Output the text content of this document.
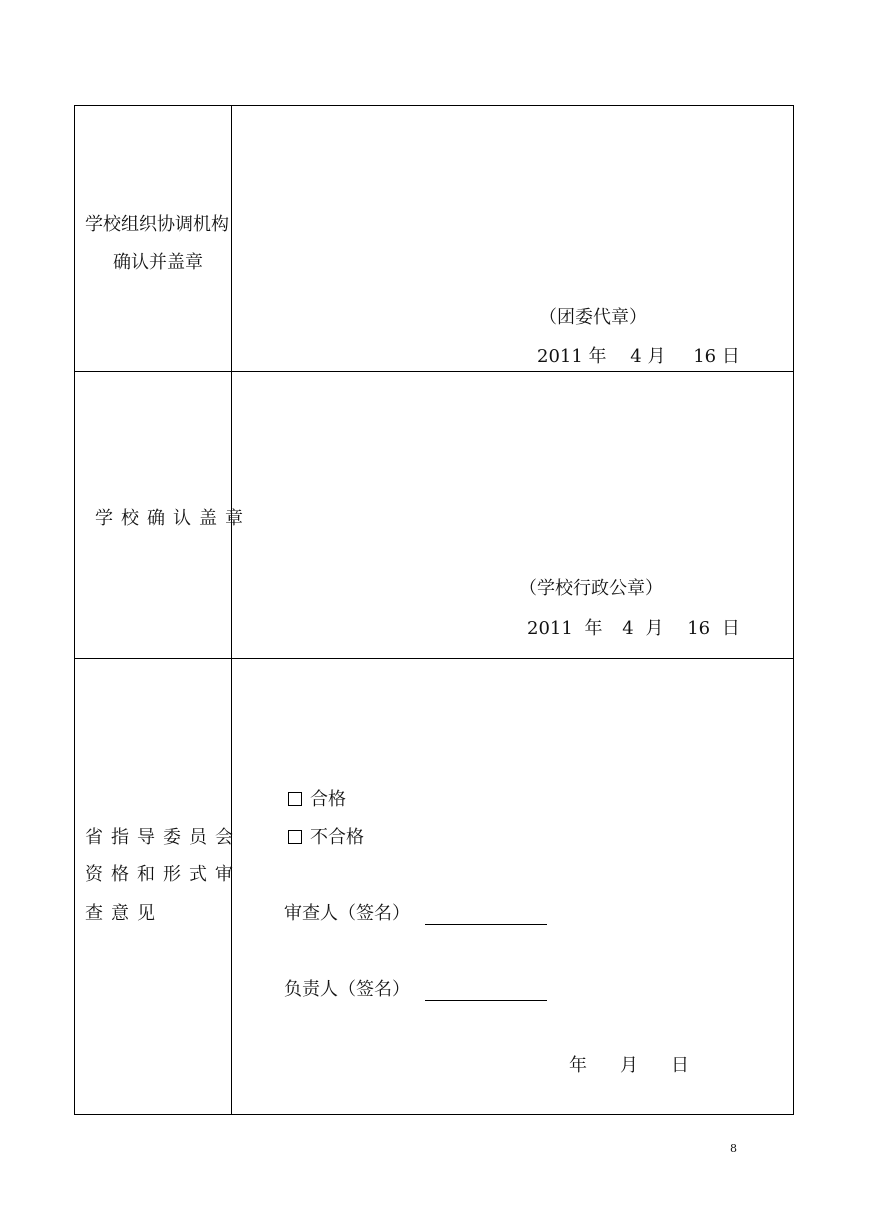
学校组织协调机构
确认并盖章
（团委代章）
2011 年 4 月 16 日
学校确认盖章
（学校行政公章）
2011 年 4 月 16 日
省指导委员会
资格和形式审
查意见
合格
不合格
审查人（签名）
负责人（签名）
年 月 日
8
